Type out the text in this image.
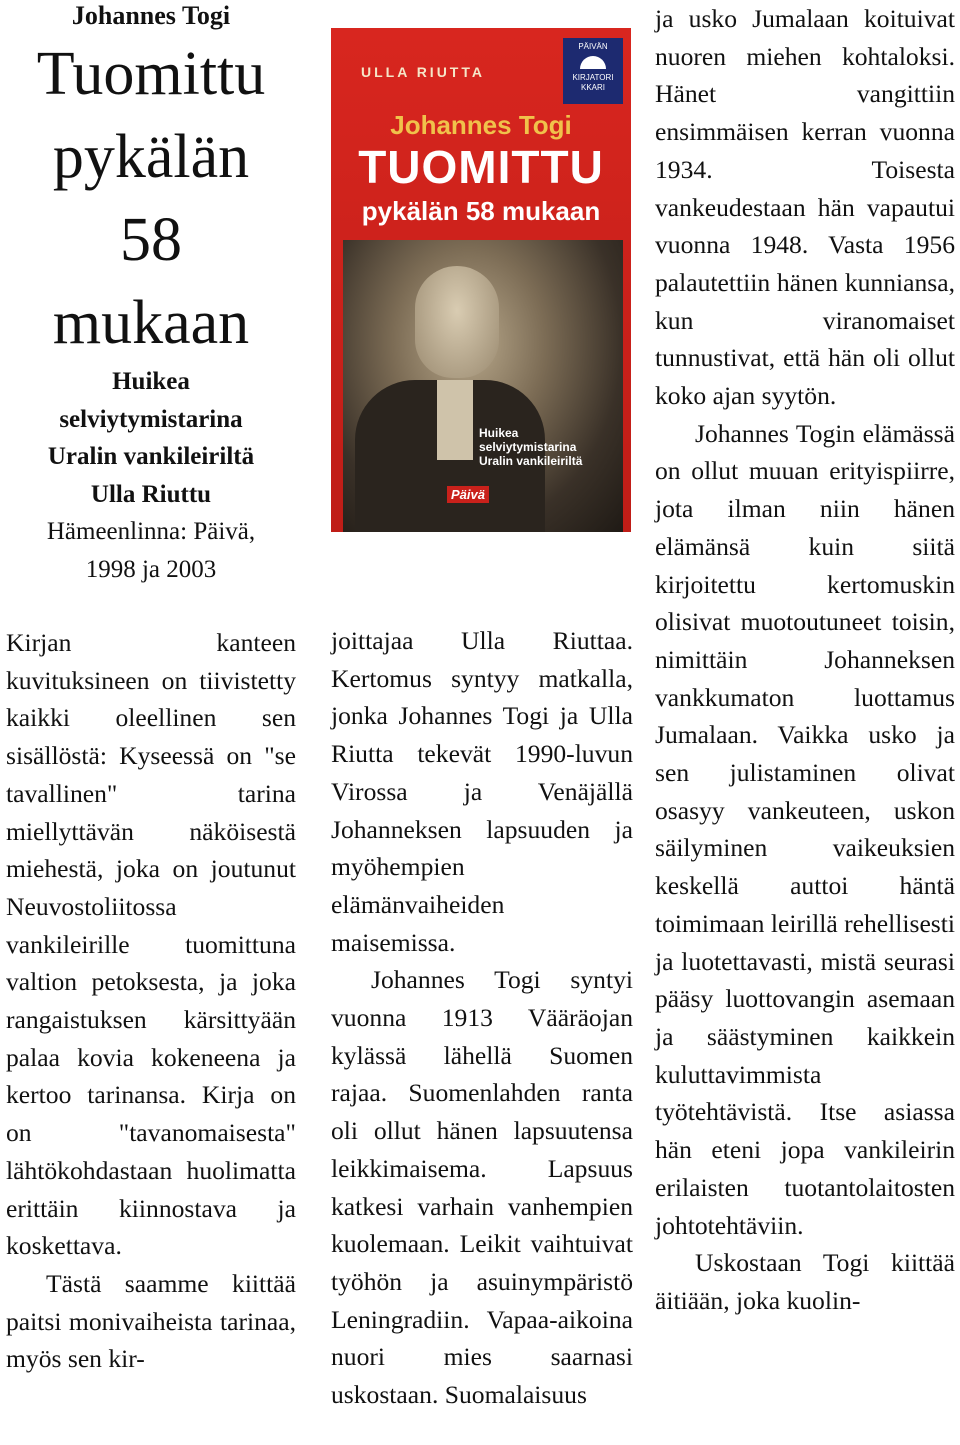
Johannes Togi
Tuomittu
pykälän
58
mukaan
Huikea
selviytymistarina
Uralin vankileiriltä
Ulla Riuttu
Hämeenlinna: Päivä,
1998 ja 2003

Kirjan kanteen kuvituksineen on tiivistetty kaikki oleellinen sen sisällöstä: Kyseessä on "se tavallinen" tarina miellyttävän näköisestä miehestä, joka on joutunut Neuvostoliitossa vankileirille tuomittuna valtion petoksesta, ja joka rangaistuksen kärsittyään palaa kovia kokeneena ja kertoo tarinansa. Kirja on on "tavanomaisesta" lähtökohdastaan huolimatta erittäin kiinnostava ja koskettava.

Tästä saamme kiittää paitsi monivaiheista tarinaa, myös sen kir-

ULLA RIUTTA
PÄIVÄN
KIRJATORI
KKARI
Johannes Togi
TUOMITTU
pykälän 58 mukaan
Huikea selviytymistarina Uralin vankileiriltä
Päivä

joittajaa Ulla Riuttaa. Kertomus syntyy matkalla, jonka Johannes Togi ja Ulla Riutta tekevät 1990-luvun Virossa ja Venäjällä Johanneksen lapsuuden ja myöhempien elämänvaiheiden maisemissa.

Johannes Togi syntyi vuonna 1913 Vääräojan kylässä lähellä Suomen rajaa. Suomenlahden ranta oli ollut hänen lapsuutensa leikkimaisema. Lapsuus katkesi varhain vanhempien kuolemaan. Leikit vaihtuivat työhön ja asuinympäristö Leningradiin. Vapaa-aikoina nuori mies saarnasi uskostaan. Suomalaisuus

ja usko Jumalaan koituivat nuoren miehen kohtaloksi. Hänet vangittiin ensimmäisen kerran vuonna 1934. Toisesta vankeudestaan hän vapautui vuonna 1948. Vasta 1956 palautettiin hänen kunniansa, kun viranomaiset tunnustivat, että hän oli ollut koko ajan syytön.

Johannes Togin elämässä on ollut muuan erityispiirre, jota ilman niin hänen elämänsä kuin siitä kirjoitettu kertomuskin olisivat muotoutuneet toisin, nimittäin Johanneksen vankkumaton luottamus Jumalaan. Vaikka usko ja sen julistaminen olivat osasyy vankeuteen, uskon säilyminen vaikeuksien keskellä auttoi häntä toimimaan leirillä rehellisesti ja luotettavasti, mistä seurasi pääsy luottovangin asemaan ja säästyminen kaikkein kuluttavimmista työtehtävistä. Itse asiassa hän eteni jopa vankileirin erilaisten tuotantolaitosten johtotehtäviin.

Uskostaan Togi kiittää äitiään, joka kuolin-
